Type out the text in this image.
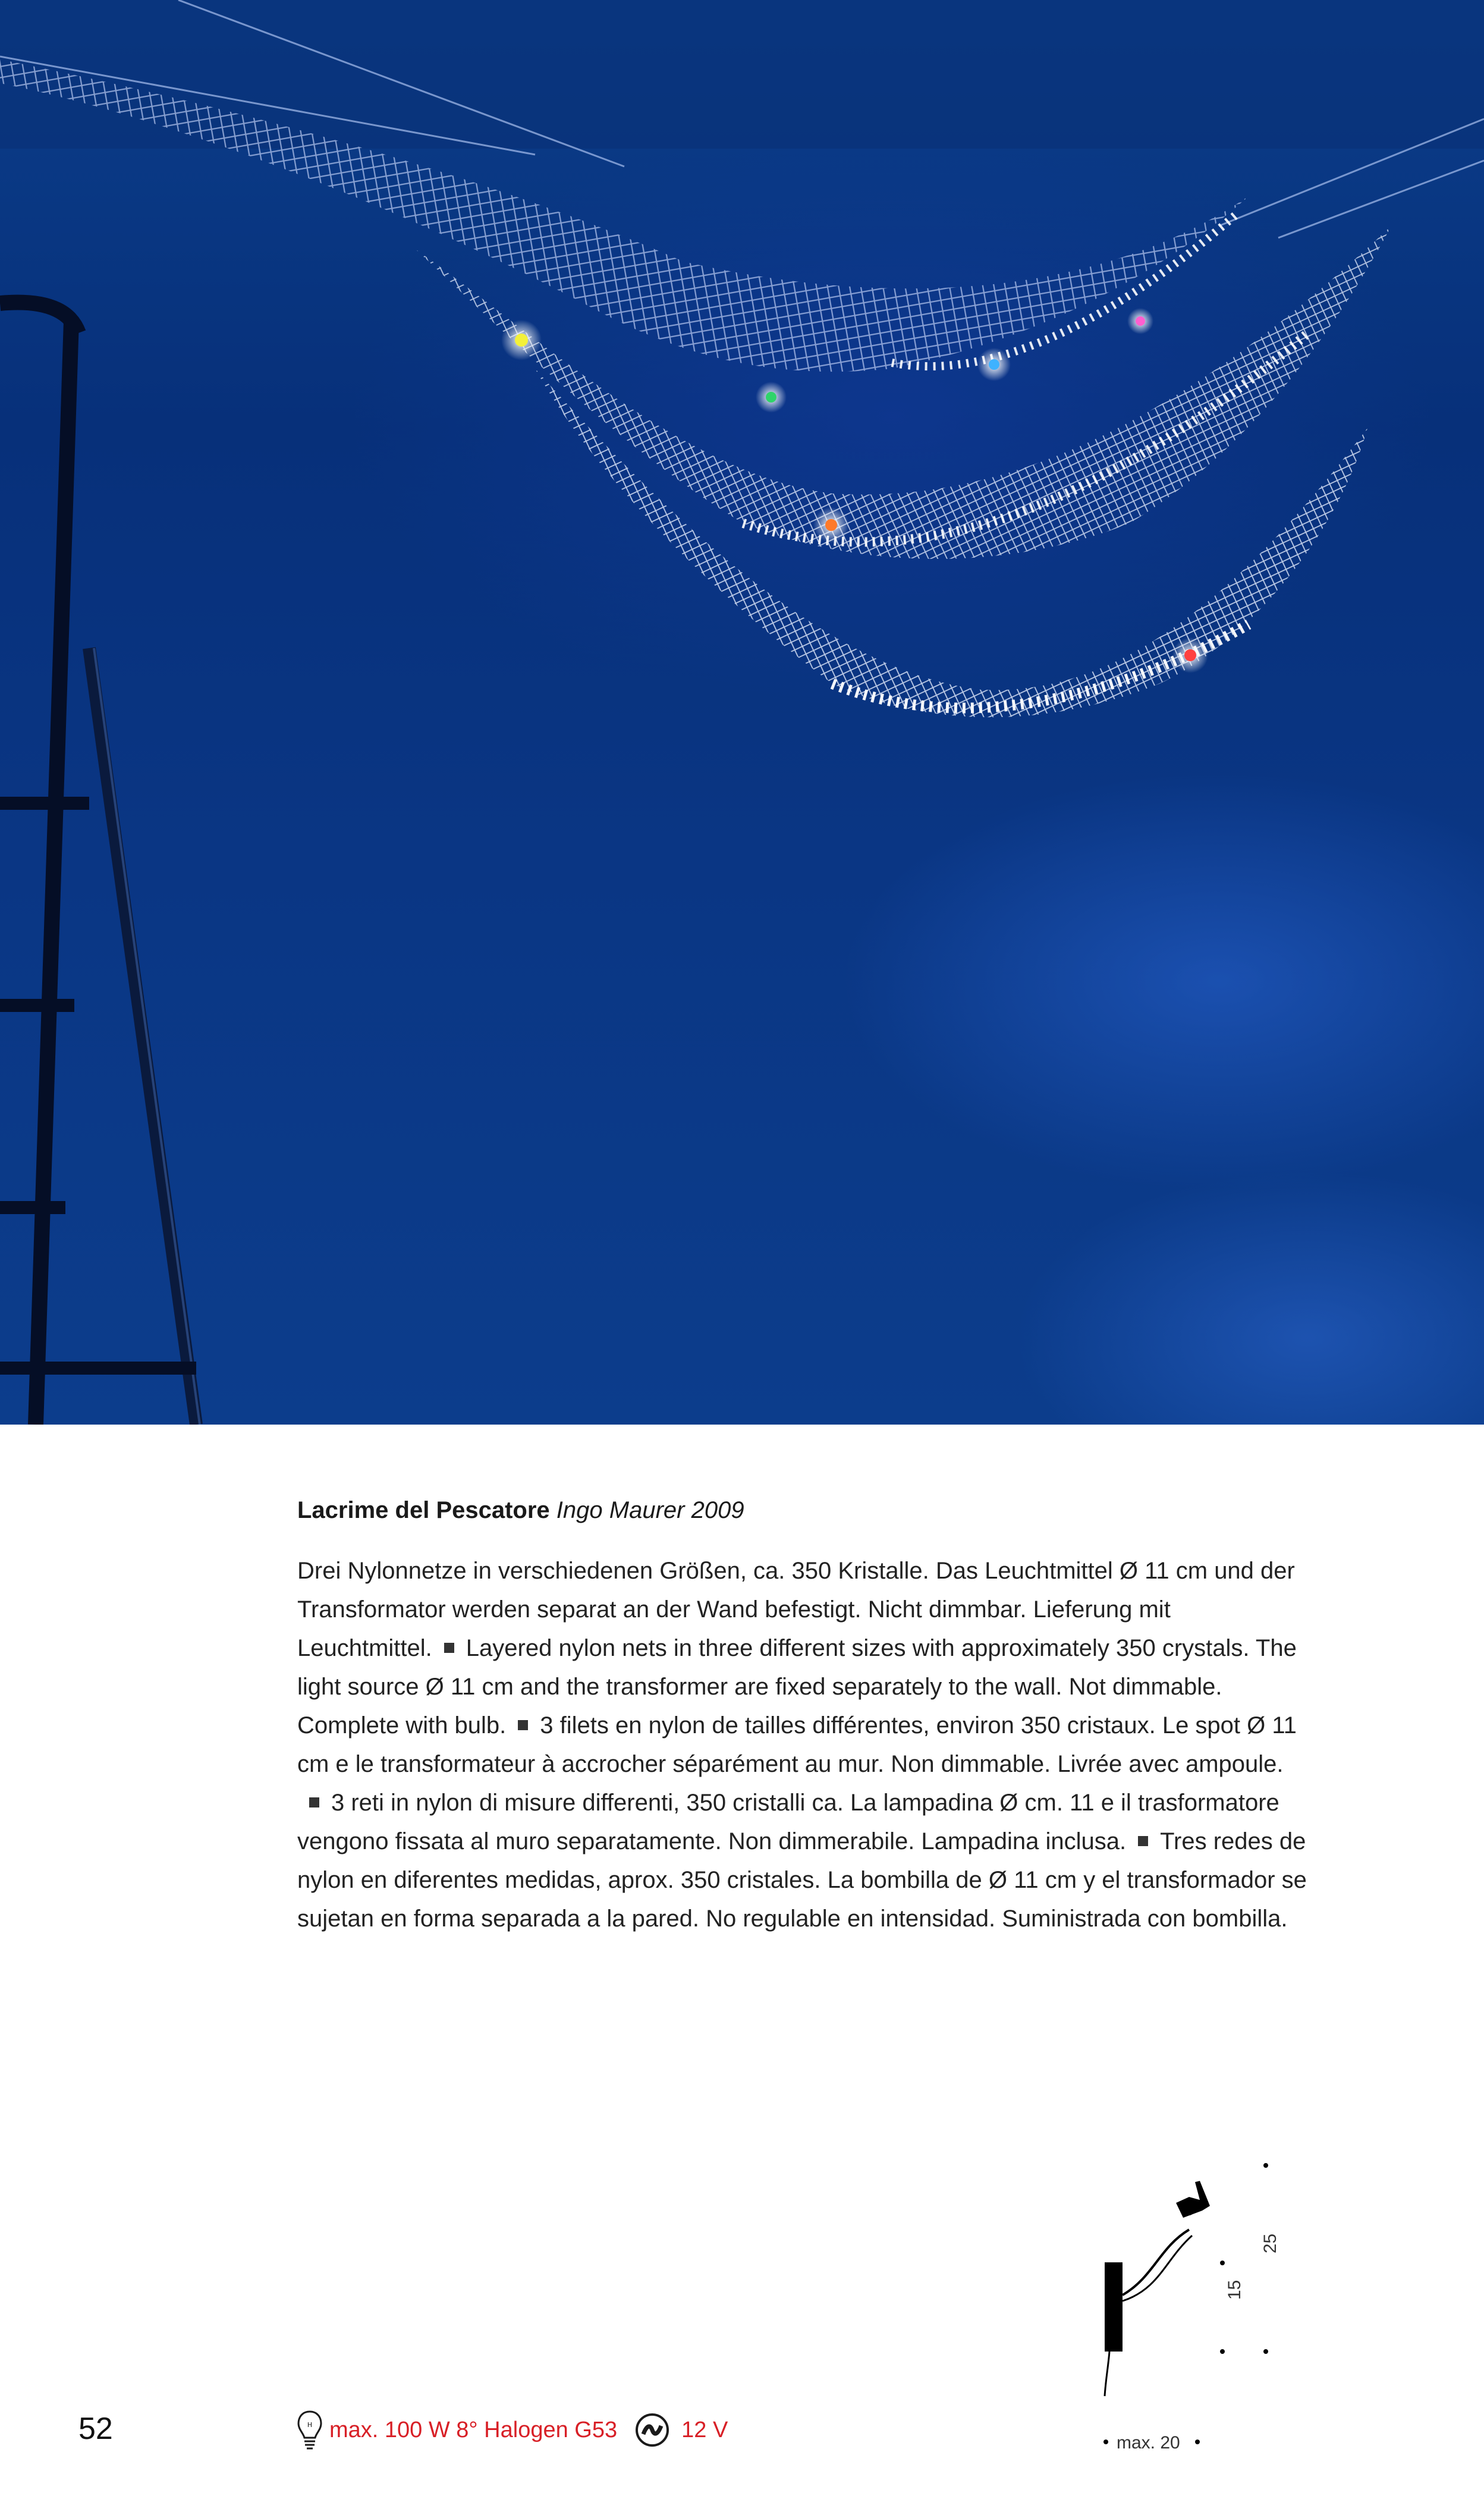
Lacrime del Pescatore Ingo Maurer 2009
Drei Nylonnetze in verschiedenen Größen, ca. 350 Kristalle. Das Leuchtmittel Ø 11 cm und der Transformator werden separat an der Wand befestigt. Nicht dimmbar. Lieferung mit Leuchtmittel. Layered nylon nets in three different sizes with approximately 350 crystals. The light source Ø 11 cm and the transformer are fixed separately to the wall. Not dimmable. Complete with bulb. 3 filets en nylon de tailles différentes, environ 350 cristaux. Le spot Ø 11 cm e le transformateur à accrocher séparément au mur. Non dimmable. Livrée avec ampoule.3 reti in nylon di misure differenti, 350 cristalli ca. La lampadina Ø cm. 11 e il trasformatore vengono fissata al muro separatamente. Non dimmerabile. Lampadina inclusa. Tres redes de nylon en diferentes medidas, aprox. 350 cristales. La bombilla de Ø 11 cm y el transformador se sujetan en forma separada a la pared. No regulable en intensidad. Suministrada con bombilla.
52	H max. 100 W 8° Halogen G53	12 V
15
25
max. 20
